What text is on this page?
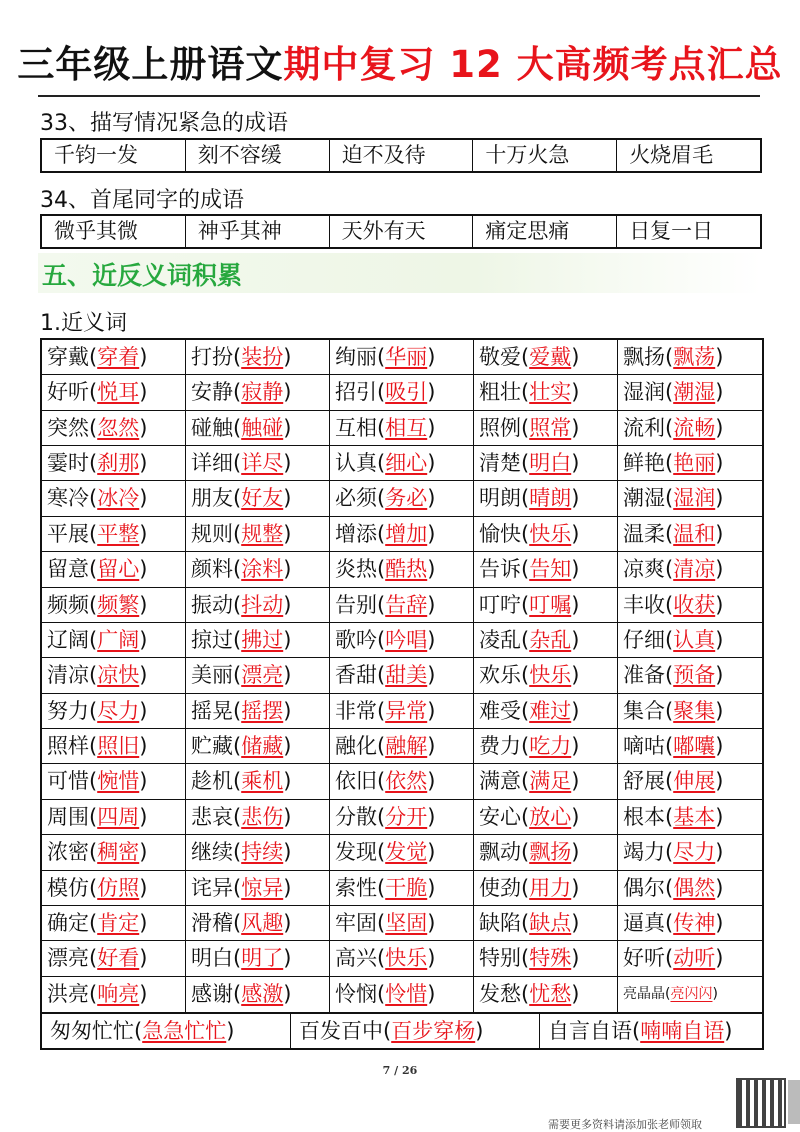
三年级上册语文期中复习 12 大高频考点汇总
33、描写情况紧急的成语
千钧一发	刻不容缓	迫不及待	十万火急	火烧眉毛
34、首尾同字的成语
微乎其微	神乎其神	天外有天	痛定思痛	日复一日
五、近反义词积累
1.近义词
穿戴(穿着)	打扮(装扮)	绚丽(华丽)	敬爱(爱戴)	飘扬(飘荡)
好听(悦耳)	安静(寂静)	招引(吸引)	粗壮(壮实)	湿润(潮湿)
突然(忽然)	碰触(触碰)	互相(相互)	照例(照常)	流利(流畅)
霎时(刹那)	详细(详尽)	认真(细心)	清楚(明白)	鲜艳(艳丽)
寒冷(冰冷)	朋友(好友)	必须(务必)	明朗(晴朗)	潮湿(湿润)
平展(平整)	规则(规整)	增添(增加)	愉快(快乐)	温柔(温和)
留意(留心)	颜料(涂料)	炎热(酷热)	告诉(告知)	凉爽(清凉)
频频(频繁)	振动(抖动)	告别(告辞)	叮咛(叮嘱)	丰收(收获)
辽阔(广阔)	掠过(拂过)	歌吟(吟唱)	凌乱(杂乱)	仔细(认真)
清凉(凉快)	美丽(漂亮)	香甜(甜美)	欢乐(快乐)	准备(预备)
努力(尽力)	摇晃(摇摆)	非常(异常)	难受(难过)	集合(聚集)
照样(照旧)	贮藏(储藏)	融化(融解)	费力(吃力)	嘀咕(嘟囔)
可惜(惋惜)	趁机(乘机)	依旧(依然)	满意(满足)	舒展(伸展)
周围(四周)	悲哀(悲伤)	分散(分开)	安心(放心)	根本(基本)
浓密(稠密)	继续(持续)	发现(发觉)	飘动(飘扬)	竭力(尽力)
模仿(仿照)	诧异(惊异)	索性(干脆)	使劲(用力)	偶尔(偶然)
确定(肯定)	滑稽(风趣)	牢固(坚固)	缺陷(缺点)	逼真(传神)
漂亮(好看)	明白(明了)	高兴(快乐)	特别(特殊)	好听(动听)
洪亮(响亮)	感谢(感激)	怜悯(怜惜)	发愁(忧愁)	亮晶晶(亮闪闪)
匆匆忙忙(急急忙忙)	百发百中(百步穿杨)	自言自语(喃喃自语)
7 / 26
需要更多资料请添加张老师领取
